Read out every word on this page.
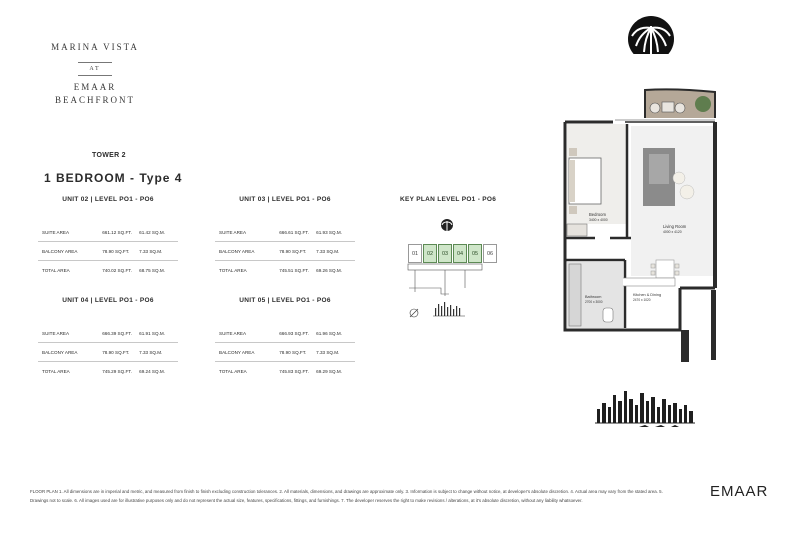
MARINA VISTA
AT
EMAAR
BEACHFRONT
TOWER 2
1 BEDROOM - Type 4
UNIT 02 | LEVEL PO1 - PO6
SUITE AREA	661.12 SQ.FT.	61.42 SQ.M.
BALCONY AREA	78.90 SQ.FT.	7.33 SQ.M.
TOTAL AREA	740.02 SQ.FT.	68.75 SQ.M.
UNIT 03 | LEVEL PO1 - PO6
SUITE AREA	666.61 SQ.FT.	61.93 SQ.M.
BALCONY AREA	78.90 SQ.FT.	7.33 SQ.M.
TOTAL AREA	745.51 SQ.FT.	69.26 SQ.M.
UNIT 04 | LEVEL PO1 - PO6
SUITE AREA	666.39 SQ.FT.	61.91 SQ.M.
BALCONY AREA	78.90 SQ.FT.	7.33 SQ.M.
TOTAL AREA	745.29 SQ.FT.	69.24 SQ.M.
UNIT 05 | LEVEL PO1 - PO6
SUITE AREA	666.93 SQ.FT.	61.96 SQ.M.
BALCONY AREA	78.90 SQ.FT.	7.33 SQ.M.
TOTAL AREA	745.83 SQ.FT.	69.29 SQ.M.
KEY PLAN LEVEL PO1 - PO6
01	02	03	04	05	06
Bedroom
3400 x 4000
Living Room
4000 x 4120
Kitchen & Dining
2470 x 1020
Bathroom
2700 x 3000
FLOOR PLAN 1. All dimensions are in imperial and metric, and measured from finish to finish excluding construction tolerances. 2. All materials, dimensions, and drawings are approximate only. 3. Information is subject to change without notice, at developer's absolute discretion. 4. Actual area may vary from the stated area. 5.
Drawings not to scale. 6. All images used are for illustrative purposes only and do not represent the actual size, features, specifications, fittings, and furnishings. 7. The developer reserves the right to make revisions / alterations, at it's absolute discretion, without any liability whatsoever.
EMAAR
